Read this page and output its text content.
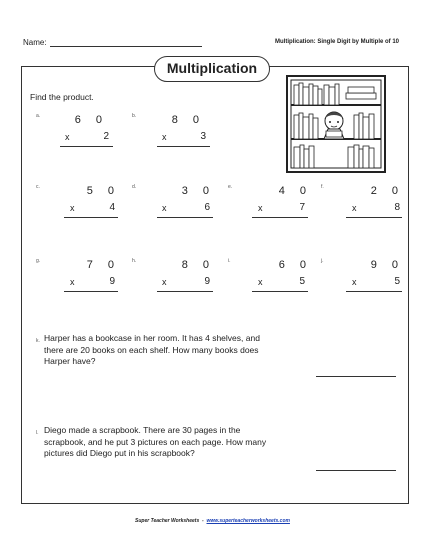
Name:	Multiplication: Single Digit by Multiple of 10
Multiplication
Find the product.
a.	6 0
x	2
b.	8 0
x	3
c.	5 0
x	4
d.	3 0
x	6
e.	4 0
x	7
f.	2 0
x	8
g.	7 0
x	9
h.	8 0
x	9
i.	6 0
x	5
j.	9 0
x	5
k. Harper has a bookcase in her room. It has 4 shelves, and there are 20 books on each shelf. How many books does Harper have?
l. Diego made a scrapbook. There are 30 pages in the scrapbook, and he put 3 pictures on each page. How many pictures did Diego put in his scrapbook?
Super Teacher Worksheets - www.superteacherworksheets.com
